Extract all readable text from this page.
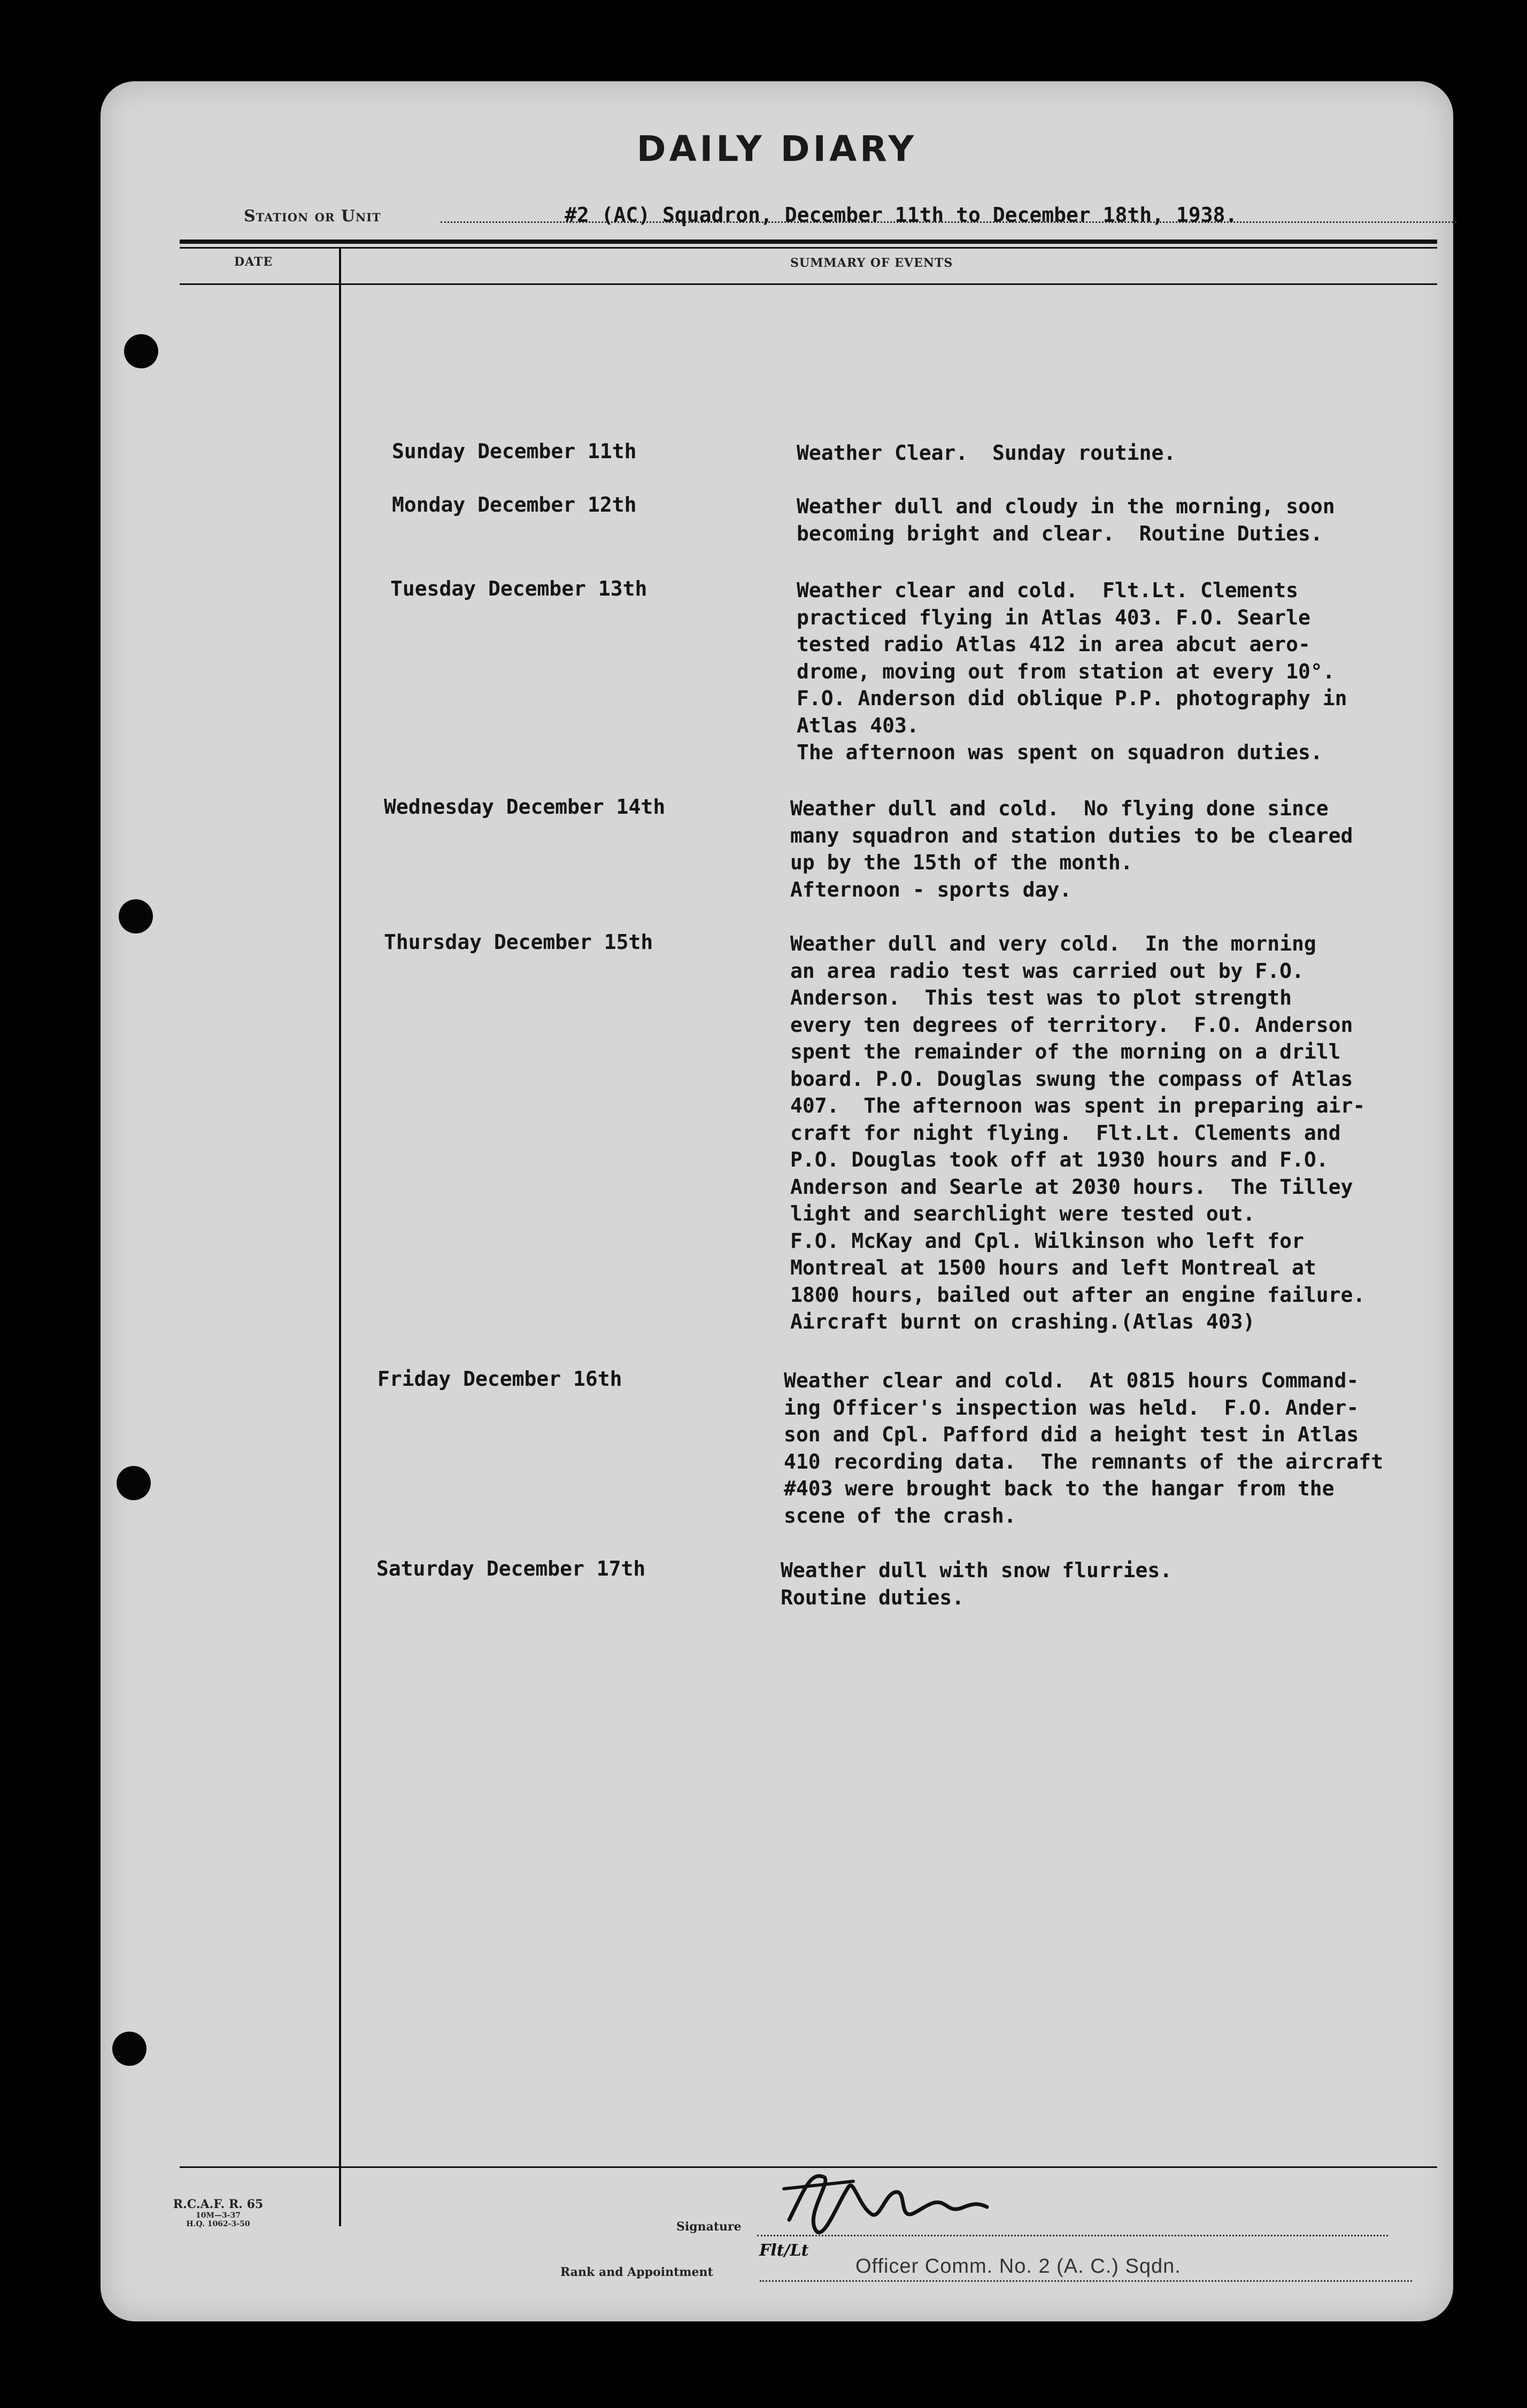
DAILY DIARY
Station or Unit	#2 (AC) Squadron, December 11th to December 18th, 1938.
DATE	SUMMARY OF EVENTS
Sunday December 11th	Weather Clear.  Sunday routine.
Monday December 12th	Weather dull and cloudy in the morning, soon
becoming bright and clear.  Routine Duties.
Tuesday December 13th	Weather clear and cold.  Flt.Lt. Clements
practiced flying in Atlas 403. F.O. Searle
tested radio Atlas 412 in area abcut aero-
drome, moving out from station at every 10°.
F.O. Anderson did oblique P.P. photography in
Atlas 403.
The afternoon was spent on squadron duties.
Wednesday December 14th	Weather dull and cold.  No flying done since
many squadron and station duties to be cleared
up by the 15th of the month.
Afternoon - sports day.
Thursday December 15th	Weather dull and very cold.  In the morning
an area radio test was carried out by F.O.
Anderson.  This test was to plot strength
every ten degrees of territory.  F.O. Anderson
spent the remainder of the morning on a drill
board. P.O. Douglas swung the compass of Atlas
407.  The afternoon was spent in preparing air-
craft for night flying.  Flt.Lt. Clements and
P.O. Douglas took off at 1930 hours and F.O.
Anderson and Searle at 2030 hours.  The Tilley
light and searchlight were tested out.
F.O. McKay and Cpl. Wilkinson who left for
Montreal at 1500 hours and left Montreal at
1800 hours, bailed out after an engine failure.
Aircraft burnt on crashing.(Atlas 403)
Friday December 16th	Weather clear and cold.  At 0815 hours Command-
ing Officer's inspection was held.  F.O. Ander-
son and Cpl. Pafford did a height test in Atlas
410 recording data.  The remnants of the aircraft
#403 were brought back to the hangar from the
scene of the crash.
Saturday December 17th	Weather dull with snow flurries.
Routine duties.
R.C.A.F. R. 65
10M—3-37
H.Q. 1062-3-50	Signature
Rank and Appointment
Flt/Lt
Officer Comm. No. 2 (A. C.) Sqdn.
